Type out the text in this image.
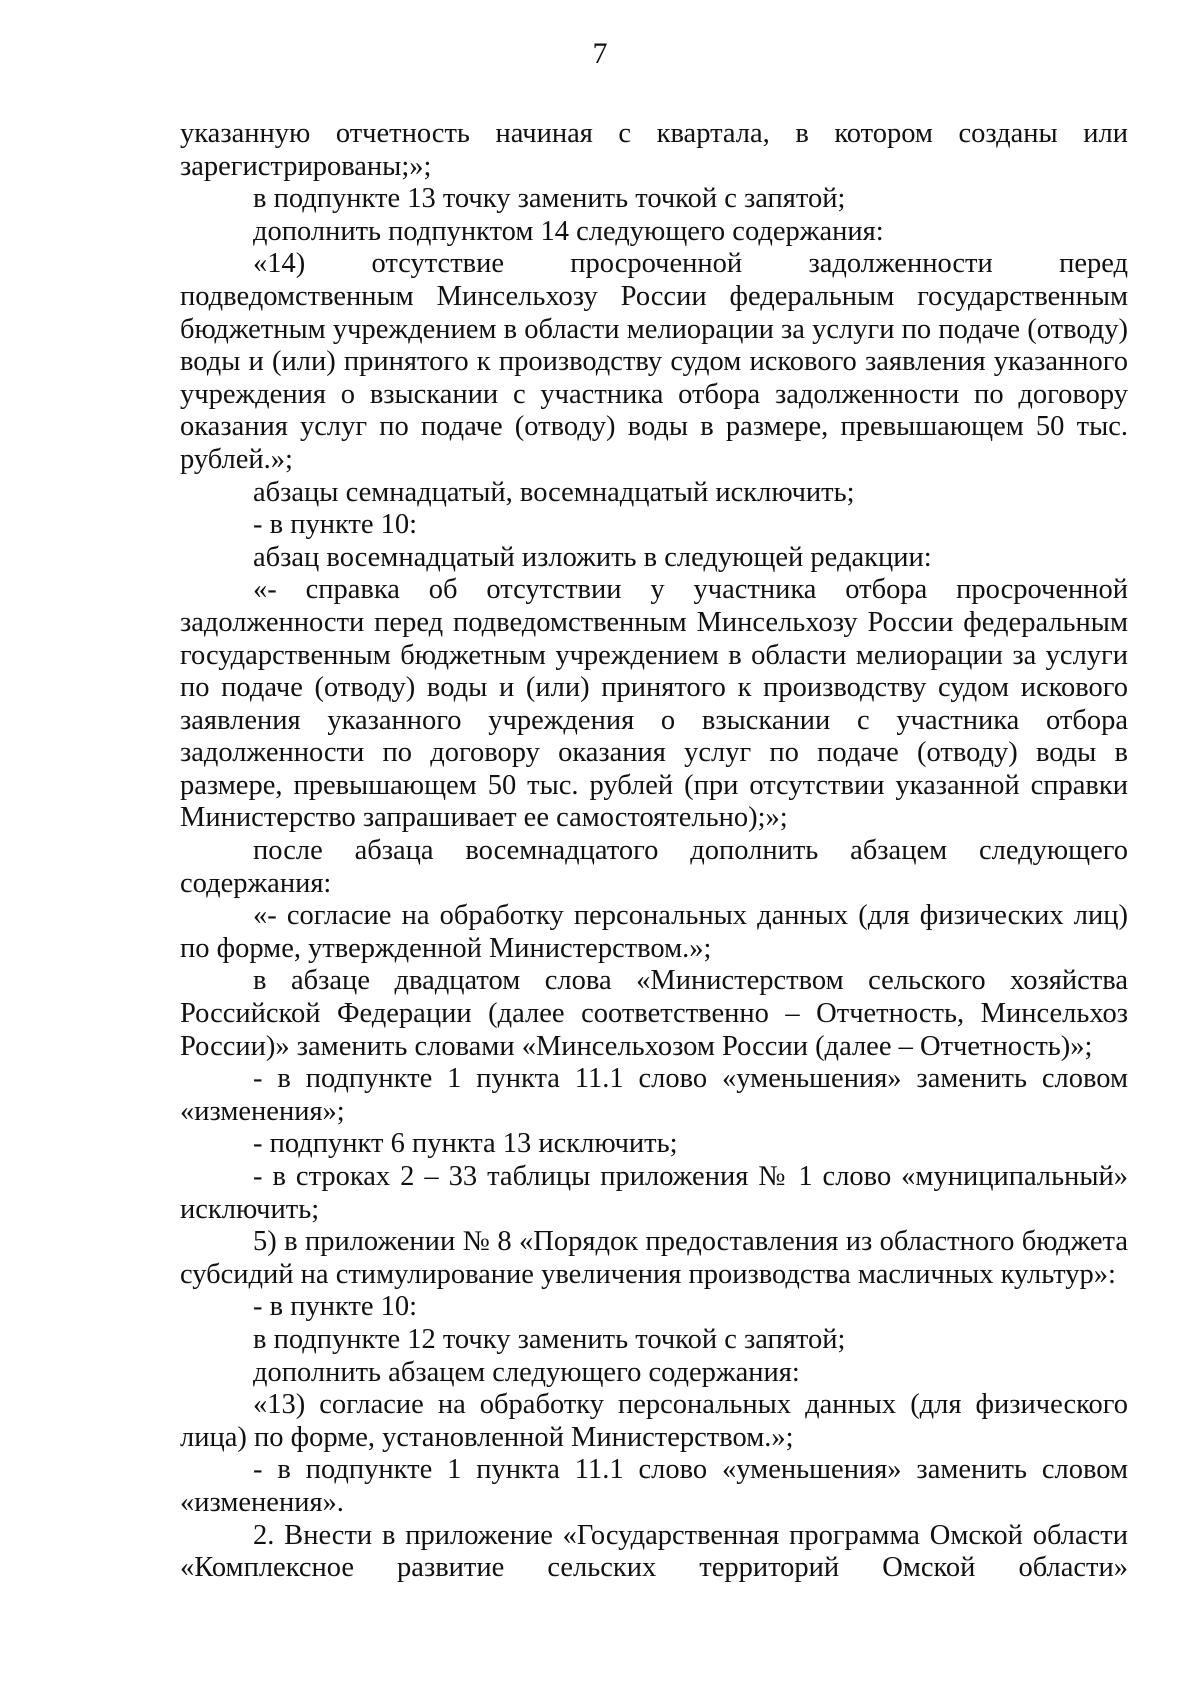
7

указанную отчетность начиная с квартала, в котором созданы или зарегистрированы;»;

в подпункте 13 точку заменить точкой с запятой;

дополнить подпунктом 14 следующего содержания:

«14) отсутствие просроченной задолженности перед подведомственным Минсельхозу России федеральным государственным бюджетным учреждением в области мелиорации за услуги по подаче (отводу) воды и (или) принятого к производству судом искового заявления указанного учреждения о взыскании с участника отбора задолженности по договору оказания услуг по подаче (отводу) воды в размере, превышающем 50 тыс. рублей.»;

абзацы семнадцатый, восемнадцатый исключить;

- в пункте 10:

абзац восемнадцатый изложить в следующей редакции:

«- справка об отсутствии у участника отбора просроченной задолженности перед подведомственным Минсельхозу России федеральным государственным бюджетным учреждением в области мелиорации за услуги по подаче (отводу) воды и (или) принятого к производству судом искового заявления указанного учреждения о взыскании с участника отбора задолженности по договору оказания услуг по подаче (отводу) воды в размере, превышающем 50 тыс. рублей (при отсутствии указанной справки Министерство запрашивает ее самостоятельно);»;

после абзаца восемнадцатого дополнить абзацем следующего содержания:

«- согласие на обработку персональных данных (для физических лиц) по форме, утвержденной Министерством.»;

в абзаце двадцатом слова «Министерством сельского хозяйства Российской Федерации (далее соответственно – Отчетность, Минсельхоз России)» заменить словами «Минсельхозом России (далее – Отчетность)»;

- в подпункте 1 пункта 11.1 слово «уменьшения» заменить словом «изменения»;

- подпункт 6 пункта 13 исключить;

- в строках 2 – 33 таблицы приложения № 1 слово «муниципальный» исключить;

5) в приложении № 8 «Порядок предоставления из областного бюджета субсидий на стимулирование увеличения производства масличных культур»:

- в пункте 10:

в подпункте 12 точку заменить точкой с запятой;

дополнить абзацем следующего содержания:

«13) согласие на обработку персональных данных (для физического лица) по форме, установленной Министерством.»;

- в подпункте 1 пункта 11.1 слово «уменьшения» заменить словом «изменения».

2. Внести в приложение «Государственная программа Омской области «Комплексное развитие сельских территорий Омской области»
